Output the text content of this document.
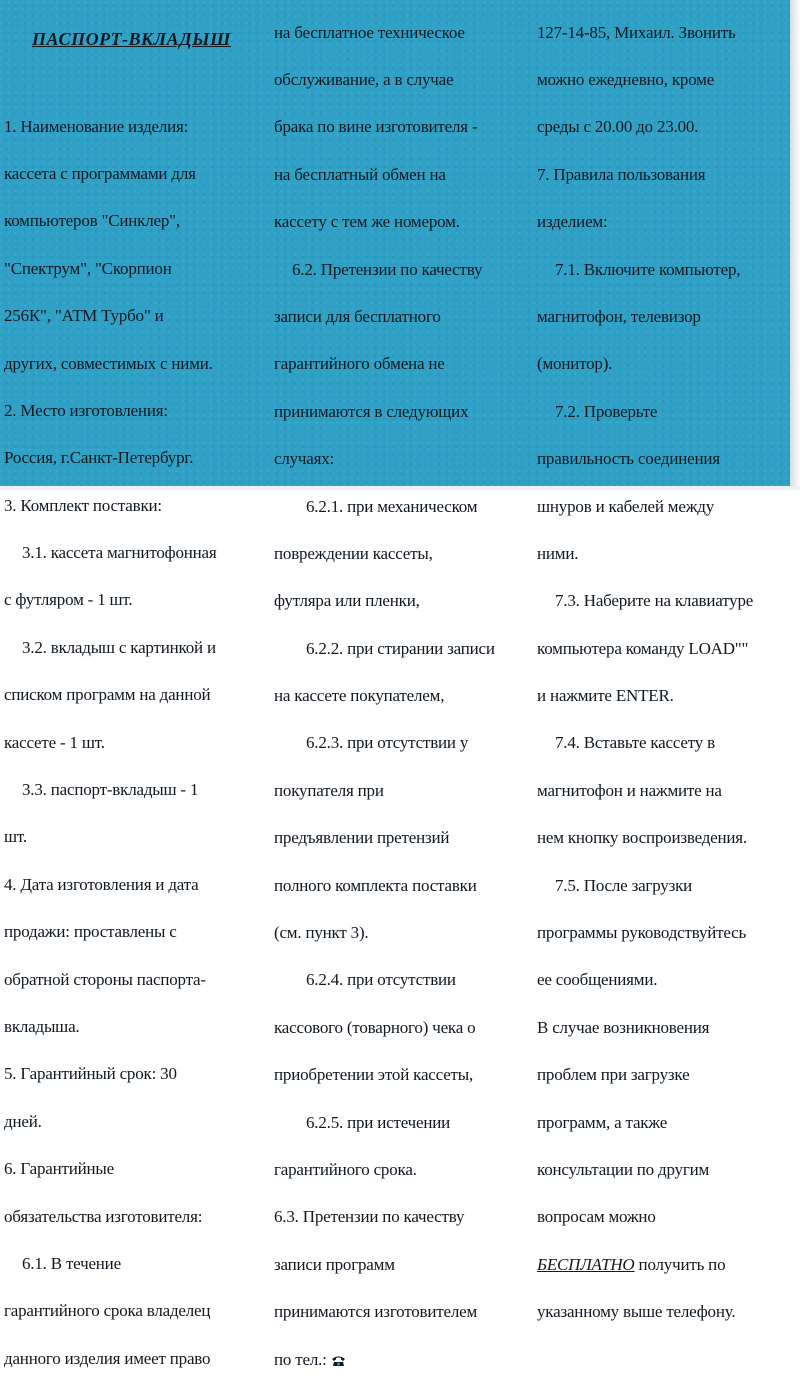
ПАСПОРТ-ВКЛАДЫШ

1. Наименование изделия:

кассета с программами для

компьютеров "Синклер",

"Спектрум", "Скорпион

256К", "АТМ Турбо" и

других, совместимых с ними.

2. Место изготовления:

Россия, г.Санкт-Петербург.

3. Комплект поставки:

3.1. кассета магнитофонная

с футляром - 1 шт.

3.2. вкладыш с картинкой и

списком программ на данной

кассете - 1 шт.

3.3. паспорт-вкладыш - 1

шт.

4. Дата изготовления и дата

продажи: проставлены с

обратной стороны паспорта-

вкладыша.

5. Гарантийный срок: 30

дней.

6. Гарантийные

обязательства изготовителя:

6.1. В течение

гарантийного срока владелец

данного изделия имеет право

на бесплатное техническое

обслуживание, а в случае

брака по вине изготовителя -

на бесплатный обмен на

кассету с тем же номером.

6.2. Претензии по качеству

записи для бесплатного

гарантийного обмена не

принимаются в следующих

случаях:

6.2.1. при механическом

повреждении кассеты,

футляра или пленки,

6.2.2. при стирании записи

на кассете покупателем,

6.2.3. при отсутствии у

покупателя при

предъявлении претензий

полного комплекта поставки

(см. пункт 3).

6.2.4. при отсутствии

кассового (товарного) чека о

приобретении этой кассеты,

6.2.5. при истечении

гарантийного срока.

6.3. Претензии по качеству

записи программ

принимаются изготовителем

по тел.:

127-14-85, Михаил. Звонить

можно ежедневно, кроме

среды с 20.00 до 23.00.

7. Правила пользования

изделием:

7.1. Включите компьютер,

магнитофон, телевизор

(монитор).

7.2. Проверьте

правильность соединения

шнуров и кабелей между

ними.

7.3. Наберите на клавиатуре

компьютера команду LOAD""

и нажмите ENTER.

7.4. Вставьте кассету в

магнитофон и нажмите на

нем кнопку воспроизведения.

7.5. После загрузки

программы руководствуйтесь

ее сообщениями.

В случае возникновения

проблем при загрузке

программ, а также

консультации по другим

вопросам можно

БЕСПЛАТНО получить по

указанному выше телефону.
